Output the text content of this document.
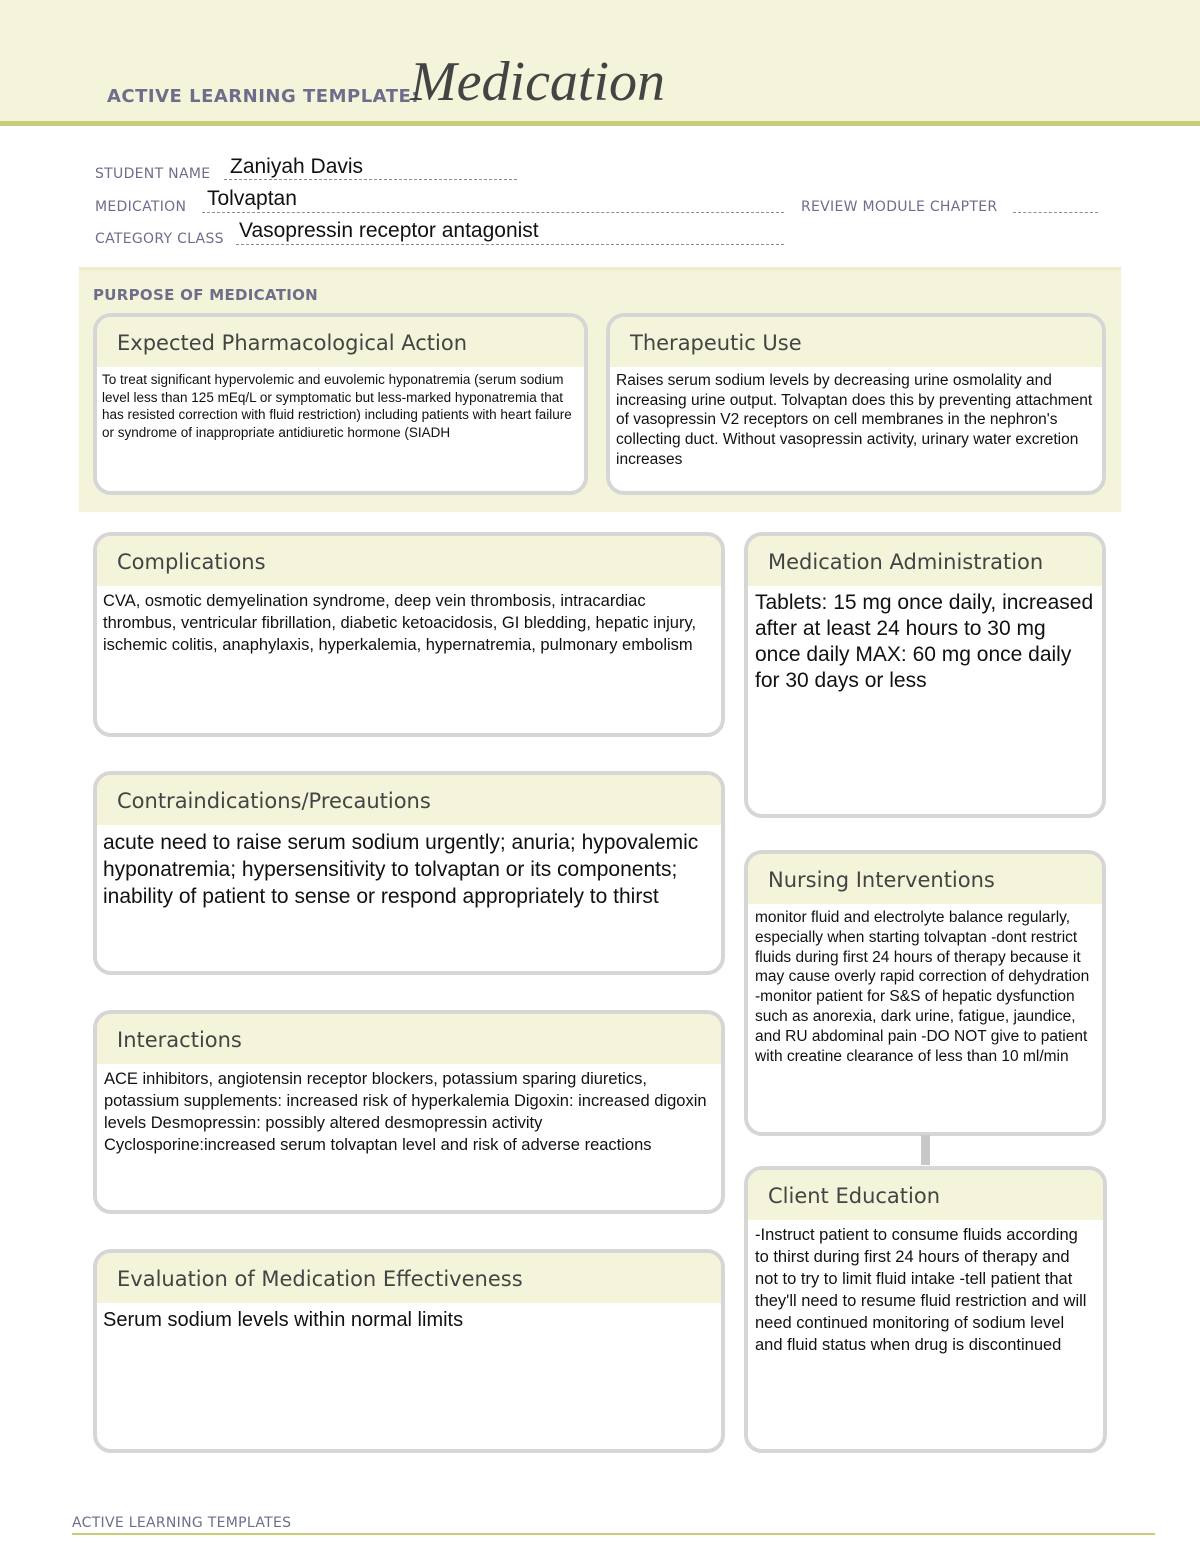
ACTIVE LEARNING TEMPLATE:
Medication
STUDENT NAME Zaniyah Davis
MEDICATION Tolvaptan	REVIEW MODULE CHAPTER
CATEGORY CLASS Vasopressin receptor antagonist
PURPOSE OF MEDICATION
Expected Pharmacological Action
To treat significant hypervolemic and euvolemic hyponatremia (serum sodium level less than 125 mEq/L or symptomatic but less-marked hyponatremia that has resisted correction with fluid restriction) including patients with heart failure or syndrome of inappropriate antidiuretic hormone (SIADH
Therapeutic Use
Raises serum sodium levels by decreasing urine osmolality and increasing urine output. Tolvaptan does this by preventing attachment of vasopressin V2 receptors on cell membranes in the nephron's collecting duct. Without vasopressin activity, urinary water excretion increases
Complications
CVA, osmotic demyelination syndrome, deep vein thrombosis, intracardiac thrombus, ventricular fibrillation, diabetic ketoacidosis, GI bledding, hepatic injury, ischemic colitis, anaphylaxis, hyperkalemia, hypernatremia, pulmonary embolism
Medication Administration
Tablets: 15 mg once daily, increased after at least 24 hours to 30 mg once daily MAX: 60 mg once daily for 30 days or less
Contraindications/Precautions
acute need to raise serum sodium urgently; anuria; hypovalemic hyponatremia; hypersensitivity to tolvaptan or its components; inability of patient to sense or respond appropriately to thirst
Nursing Interventions
monitor fluid and electrolyte balance regularly, especially when starting tolvaptan -dont restrict fluids during first 24 hours of therapy because it may cause overly rapid correction of dehydration -monitor patient for S&S of hepatic dysfunction such as anorexia, dark urine, fatigue, jaundice, and RU abdominal pain -DO NOT give to patient with creatine clearance of less than 10 ml/min
Interactions
ACE inhibitors, angiotensin receptor blockers, potassium sparing diuretics, potassium supplements: increased risk of hyperkalemia Digoxin: increased digoxin levels Desmopressin: possibly altered desmopressin activity Cyclosporine:increased serum tolvaptan level and risk of adverse reactions
Client Education
-Instruct patient to consume fluids according to thirst during first 24 hours of therapy and not to try to limit fluid intake -tell patient that they'll need to resume fluid restriction and will need continued monitoring of sodium level and fluid status when drug is discontinued
Evaluation of Medication Effectiveness
Serum sodium levels within normal limits
ACTIVE LEARNING TEMPLATES
